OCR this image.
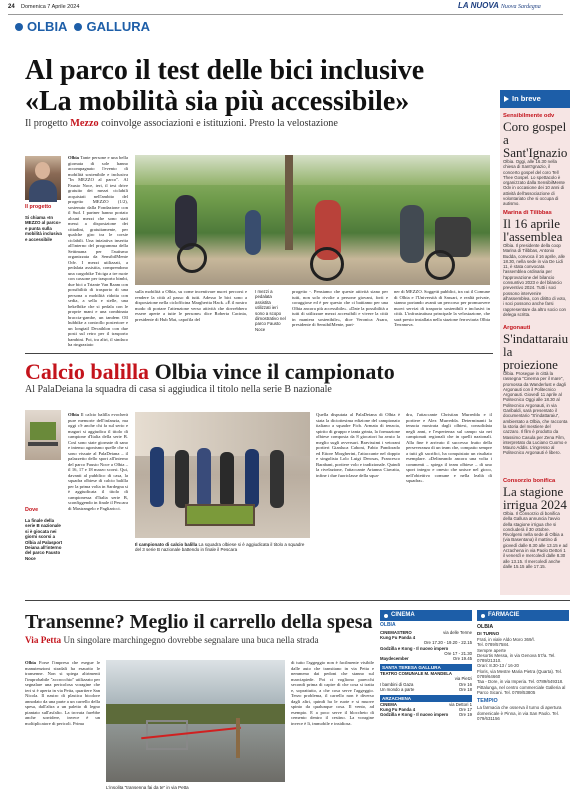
24 Domenica 7 Aprile 2024	LA NUOVA Nuova Sardegna
OLBIA GALLURA
Al parco il test delle bici inclusive
«La mobilità sia più accessibile»
Il progetto Mezzo coinvolge associazioni e istituzioni. Presto la velostazione
Il progetto
Si chiama «In MEZZO al parco» e punta sulla mobilità inclusiva e accessibile
Olbia Tante persone e una bella giornata di sole hanno accompagnato l'evento di mobilità sostenibile e inclusiva "In MEZZO al parco". Al Fausto Noce, ieri, il test drive gratuito dei mezzi ciclabili acquistati nell'ambito del progetto MEZZO (1/2), sostenuto dalla Fondazione con il Sud. I partner hanno portato alcuni mezzi che sono stati messi a disposizione dei cittadini, gratuitamente, per qualche giro tra le corsie ciclabili. Una iniziativa inserita all'interno del programma della Settimana per l'autismo organizzata da SensibilMente Odv. I mezzi utilizzati, a pedalata assistita, comprendono una cargobike Triciga a tre ruote con cassone per trasporto bimbi, due bici a Triante Van Raam con possibilità di trasporto di una persona a mobilità ridotta con sedia, a sella e stelle, una bekelbike che si pedala con le proprie mani e una combinata braccia-gambe, un tandem Oll hubbike a controllo posteriore e un longtail Decathlon con due posti sul retro per il trasporto bambini. Poi, tra altri, il sindaco ha ringraziato
sulla mobilità a Olbia, su come incentivare nuovi percorsi e rendere la città al passo di tutti. Adesso le bici sono a disposizione nella ciclofficina Margherita Hack. «È il nostro modo di portare l'attenzione verso attività che dovrebbero essere aperte a tutte le persone» dice Roberta Cacinia, presidente di Hub Mat, capofila del
I mezzi a pedalata assistita utilizzati ieri sono a scopo dimostrativo nel parco Fausto Noce
progetto -. Pensiamo che queste attività siano per tutti, non solo rivolte a persone giovani, forti e coraggiose ed è per questo che ci battiamo per una Olbia ancora più accessibile». «Date la possibilità a tutti di utilizzare mezzi accessibili e vivere la città in maniera sostenibile», dice Veronica Asara, presidente di SensibilMente, part-
ner di MEZZO. Soggetti pubblici, tra cui il Comune di Olbia e l'Università di Sassari, e realtà private, stanno portando avanti un percorso per promuovere nuovi servizi di trasporto sostenibili e inclusivi in città. L'infrastruttura principale la velostazione, che sarà presto installata nella stazione ferroviaria Olbia Terranova.
Calcio balilla Olbia vince il campionato
Al PalaDeiana la squadra di casa si aggiudica il titolo nella serie B nazionale
Dove
La finale della serie B nazionale si è giocata nei giorni scorsi a Olbia al Palasport Deiana all'interno del parco Fausto Noce
Olbia Il calcio balilla evocherà pure memorie dell'infanzia, ma oggi c'è anche chi fa sul serio e magari si aggiudica il titolo di campione d'Italia della serie B. Così sono state giornate di sano e intenso agonismo quelle che si sono vissute al PalaDeiana – il palazzetto dello sport all'interno del parco Fausto Noce a Olbia – il 16, 17 e 18 marzo scorsi. Qui, davanti al pubblico di casa, la squadra olbiese di calcio balilla per la prima volta in Sardegna si è aggiudicata il titolo di campionessa d'Italia serie B, sconfiggendo in finale il Pescara di Mastrangelo e Pagliaricci.
Il campionato di calcio balilla La squadra olbiese si è aggiudicata il titolo a squadre del 3 serie B nazionale battendo in finale il Pescara
Quella disputata al PalaDeiana di Olbia è stata la diciottesima edizione del campionato italiano a squadre Ficb. Armata di tenacia, spirito di gruppo e tanta grinta, la formazione olbiese composta da 8 giocatori ha avuto la meglio sugli avversari. Bravissimi i vetorani portieri Gianluca Caboni, Fabio Pandorado ed Ettore Morgherini, l'attaccante nel doppio e singolista Lolo Luigi Derosas, Francesco Barabani, portiere volo e tradizionale. Quindi la rivelazione, l'attaccante Arianna Ciavatta, infine i due fuoriclasse della squa-
dra, l'attaccante Christian Murredda e il portiere e Alex Murredda. Determinanti la tenacia mostrata dagli olbiesi, consolidata negli anni, e l'esperienza sul campo sia nei campionati regionali che in quelli nazionali. Alla fine è arrivato il successo frutto della perseveranza di un team che, compatto sempre a tutti gli sacrifici, ha conquistato un risultato esemplare. «Delineando ancora una volta i commenti – spiega il team olbiese – di uno sport integro e onesto che unisce nel gioco, nell'obiettivo comune e nella lealtà di squadra».
Transenne? Meglio il carrello della spesa
Via Petta Un singolare marchingegno dovrebbe segnalare una buca nella strada
Olbia Forse l'impresa che esegue le manutenzioni stradali ha esaurito le transenne. Non si spiega altrimenti l'improbabile "accrocchio" utilizzato per segnalare una pericolosa voragine che ieri si è aperta in via Petta, quartiere San Nicola. Il nastro di plastica bicolore annodato da una parte a un carrello della spesa, dall'altra a un paletto di legno piantato sull'asfalto. La trovata farebbe anche sorridere, invece è un moltiplicatore di pericoli. Prima
L'insolita "transenna fai da te" in via Petta
di tutto l'aggeggio non è facilmente visibile dalle auto che transitano in via Petta e nemmeno dai pedoni che stanno sul marciapiede. Poi ci vogliono parecchi secondi prima di capire di che cosa si tratta e, soprattutto, a che cosa serve l'aggeggio. Terzo problema, il carrello non è diverso dagli altri, quindi ha le ruote e si muove spinto da qualunque cosa. Il vento, ad esempio. E a poco serve il bloccheto di cemento dentro il cestino. La voragine invece è lì, immobile e insidiosa.
In breve
Sensibilmente odv
Coro gospel a Sant'Ignazio
Olbia. Oggi, alle 16.30 nella chiesa di Sant'Ignazio, il concerto gospel del coro Tell Thee Gospel. Lo spettacolo è organizzato dalla SensibilMente Odv in occasione dei 10 anni di attività dell'associazione di volontariato che si occupa di autismo.
Marina di Tilibbas
Il 16 aprile l'assemblea
Olbia. Il presidente della coop Marina di Tilibbas, Antonio Budda, convoca il 16 aprile, alle 18.30, nella sede in via De Lidi 11, è stata convocata l'assemblea ordinaria per l'approvazione del bilancio consuntivo 2023 e del bilancio preventivo 2024. Tutti i soci possono intervenire all'assemblea, con diritto di voto, i soci possono anche farsi rappresentare da altro socio con delega scritta.
Argonauti
S'indattaraiu la proiezione
Olbia. Prosegue in città la rassegna "Cinema per il mare", promossa da Wanderlust e dagli Argonauti con il Politecnico Argonauti. Giovedì 11 aprile al Politecnico Oggi alle 18.30 al Politecnico Argonauti, in via Garibaldi, sarà presentato il documentario "S'indattaraiu", ambientato a Olbia, che racconta la storia del mestiere del cazzaro. Il film è prodotto da Massimo Casula per Zena Film, interpretato da Luciano Cuomo e Mauro Addis. L'ingresso al Politecnico Argonauti è libero.
Consorzio bonifica
La stagione irrigua 2024
Olbia. Il Consorzio di bonifica della Gallura annuncia l'avvio della stagione irrigua che si concluderà il 30 ottobre. Rivolgersi nella sede di Olbia a (via Basentana) il mattino di giovedì dalle 8.30 alle 13.15 e ad Arzachena in via Paolo Dettori 1 il venerdì e mercoledì dalle 8.30 alle 13.15. Il mercoledì anche dalle 15.15 alle 17.15.
CINEMA
OLBIA
CINEMASTERO	via delle Terme
Kung Fu Panda 4
Ore 17.20 - 19.20 - 22.15
Godzilla e Kong - Il nuovo impero
Ore 17 - 21.30
Maydecember	Ore 19.45
SANTA TERESA GALLURA
TEATRO COMUNALE M. MANDELA
via Pietzi
I bambini di Gaza	Ore 16
Un mondo a parte	Ore 18
ARZACHENA
CINEMA	via Dettori 1
Kung Fu Panda 4	Ore 17
Godzilla e Kong - Il nuovo impero Ore 19
FARMACIE
OLBIA
DI TURNO
Frati, in viale Aldo Moro 369/l.
Tel. 0789/57584.
Sempre aperte
Desortis Messa, in via Genova 57/a. Tel. 0789/21310.
Orari: 8.30-13 / 16-20
Floris, via Mestre Maria Pietra (Quarta). Tel. 0789/64660
Taa - Dore, in via Imperia. Tel. 0789/649318.
Pittalunga, nel centro commerciale Galleria al Parco Sicani. Tel. 0789/53805
TEMPIO
La farmacia che osserva il turno di apertura domenicale è Pinna, in via San Paolo. Tel. 079/631156
